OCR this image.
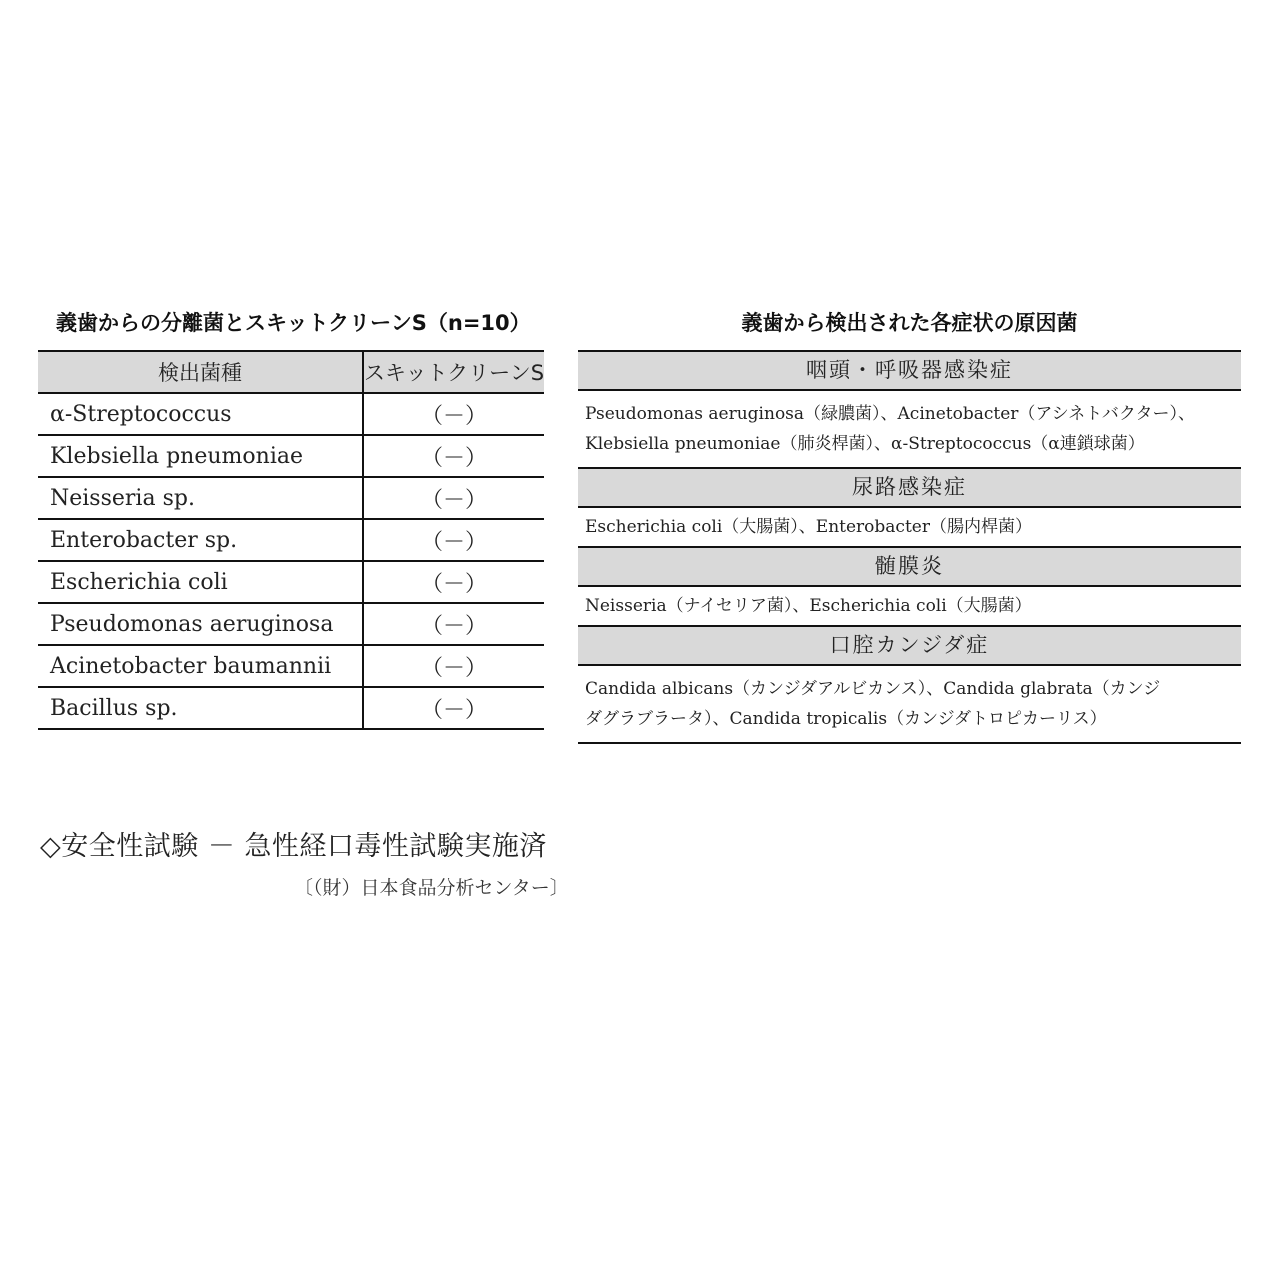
義歯からの分離菌とスキットクリーンS（n=10）
検出菌種	スキットクリーンS
α-Streptococcus	（－）
Klebsiella pneumoniae	（－）
Neisseria sp.	（－）
Enterobacter sp.	（－）
Escherichia coli	（－）
Pseudomonas aeruginosa	（－）
Acinetobacter baumannii	（－）
Bacillus sp.	（－）
義歯から検出された各症状の原因菌
咽頭・呼吸器感染症
Pseudomonas aeruginosa（緑膿菌）、Acinetobacter（アシネトバクター）、
Klebsiella pneumoniae（肺炎桿菌）、α-Streptococcus（α連鎖球菌）
尿路感染症
Escherichia coli（大腸菌）、Enterobacter（腸内桿菌）
髄膜炎
Neisseria（ナイセリア菌）、Escherichia coli（大腸菌）
口腔カンジダ症
Candida albicans（カンジダアルビカンス）、Candida glabrata（カンジ
ダグラブラータ）、Candida tropicalis（カンジダトロピカーリス）
◇安全性試験 － 急性経口毒性試験実施済
〔（財）日本食品分析センター〕
